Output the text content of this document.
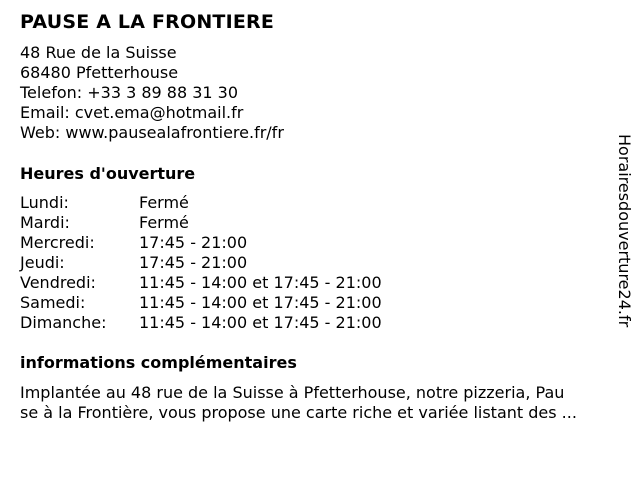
PAUSE A LA FRONTIERE
48 Rue de la Suisse
68480 Pfetterhouse
Telefon: +33 3 89 88 31 30
Email: cvet.ema@hotmail.fr
Web: www.pausealafrontiere.fr/fr
Heures d'ouverture
Lundi:	Fermé
Mardi:	Fermé
Mercredi:	17:45 - 21:00
Jeudi:	17:45 - 21:00
Vendredi:	11:45 - 14:00 et 17:45 - 21:00
Samedi:	11:45 - 14:00 et 17:45 - 21:00
Dimanche: 11:45 - 14:00 et 17:45 - 21:00
informations complémentaires
Implantée au 48 rue de la Suisse à Pfetterhouse, notre pizzeria, Pau
se à la Frontière, vous propose une carte riche et variée listant des ...
Horairesdouverture24.fr
